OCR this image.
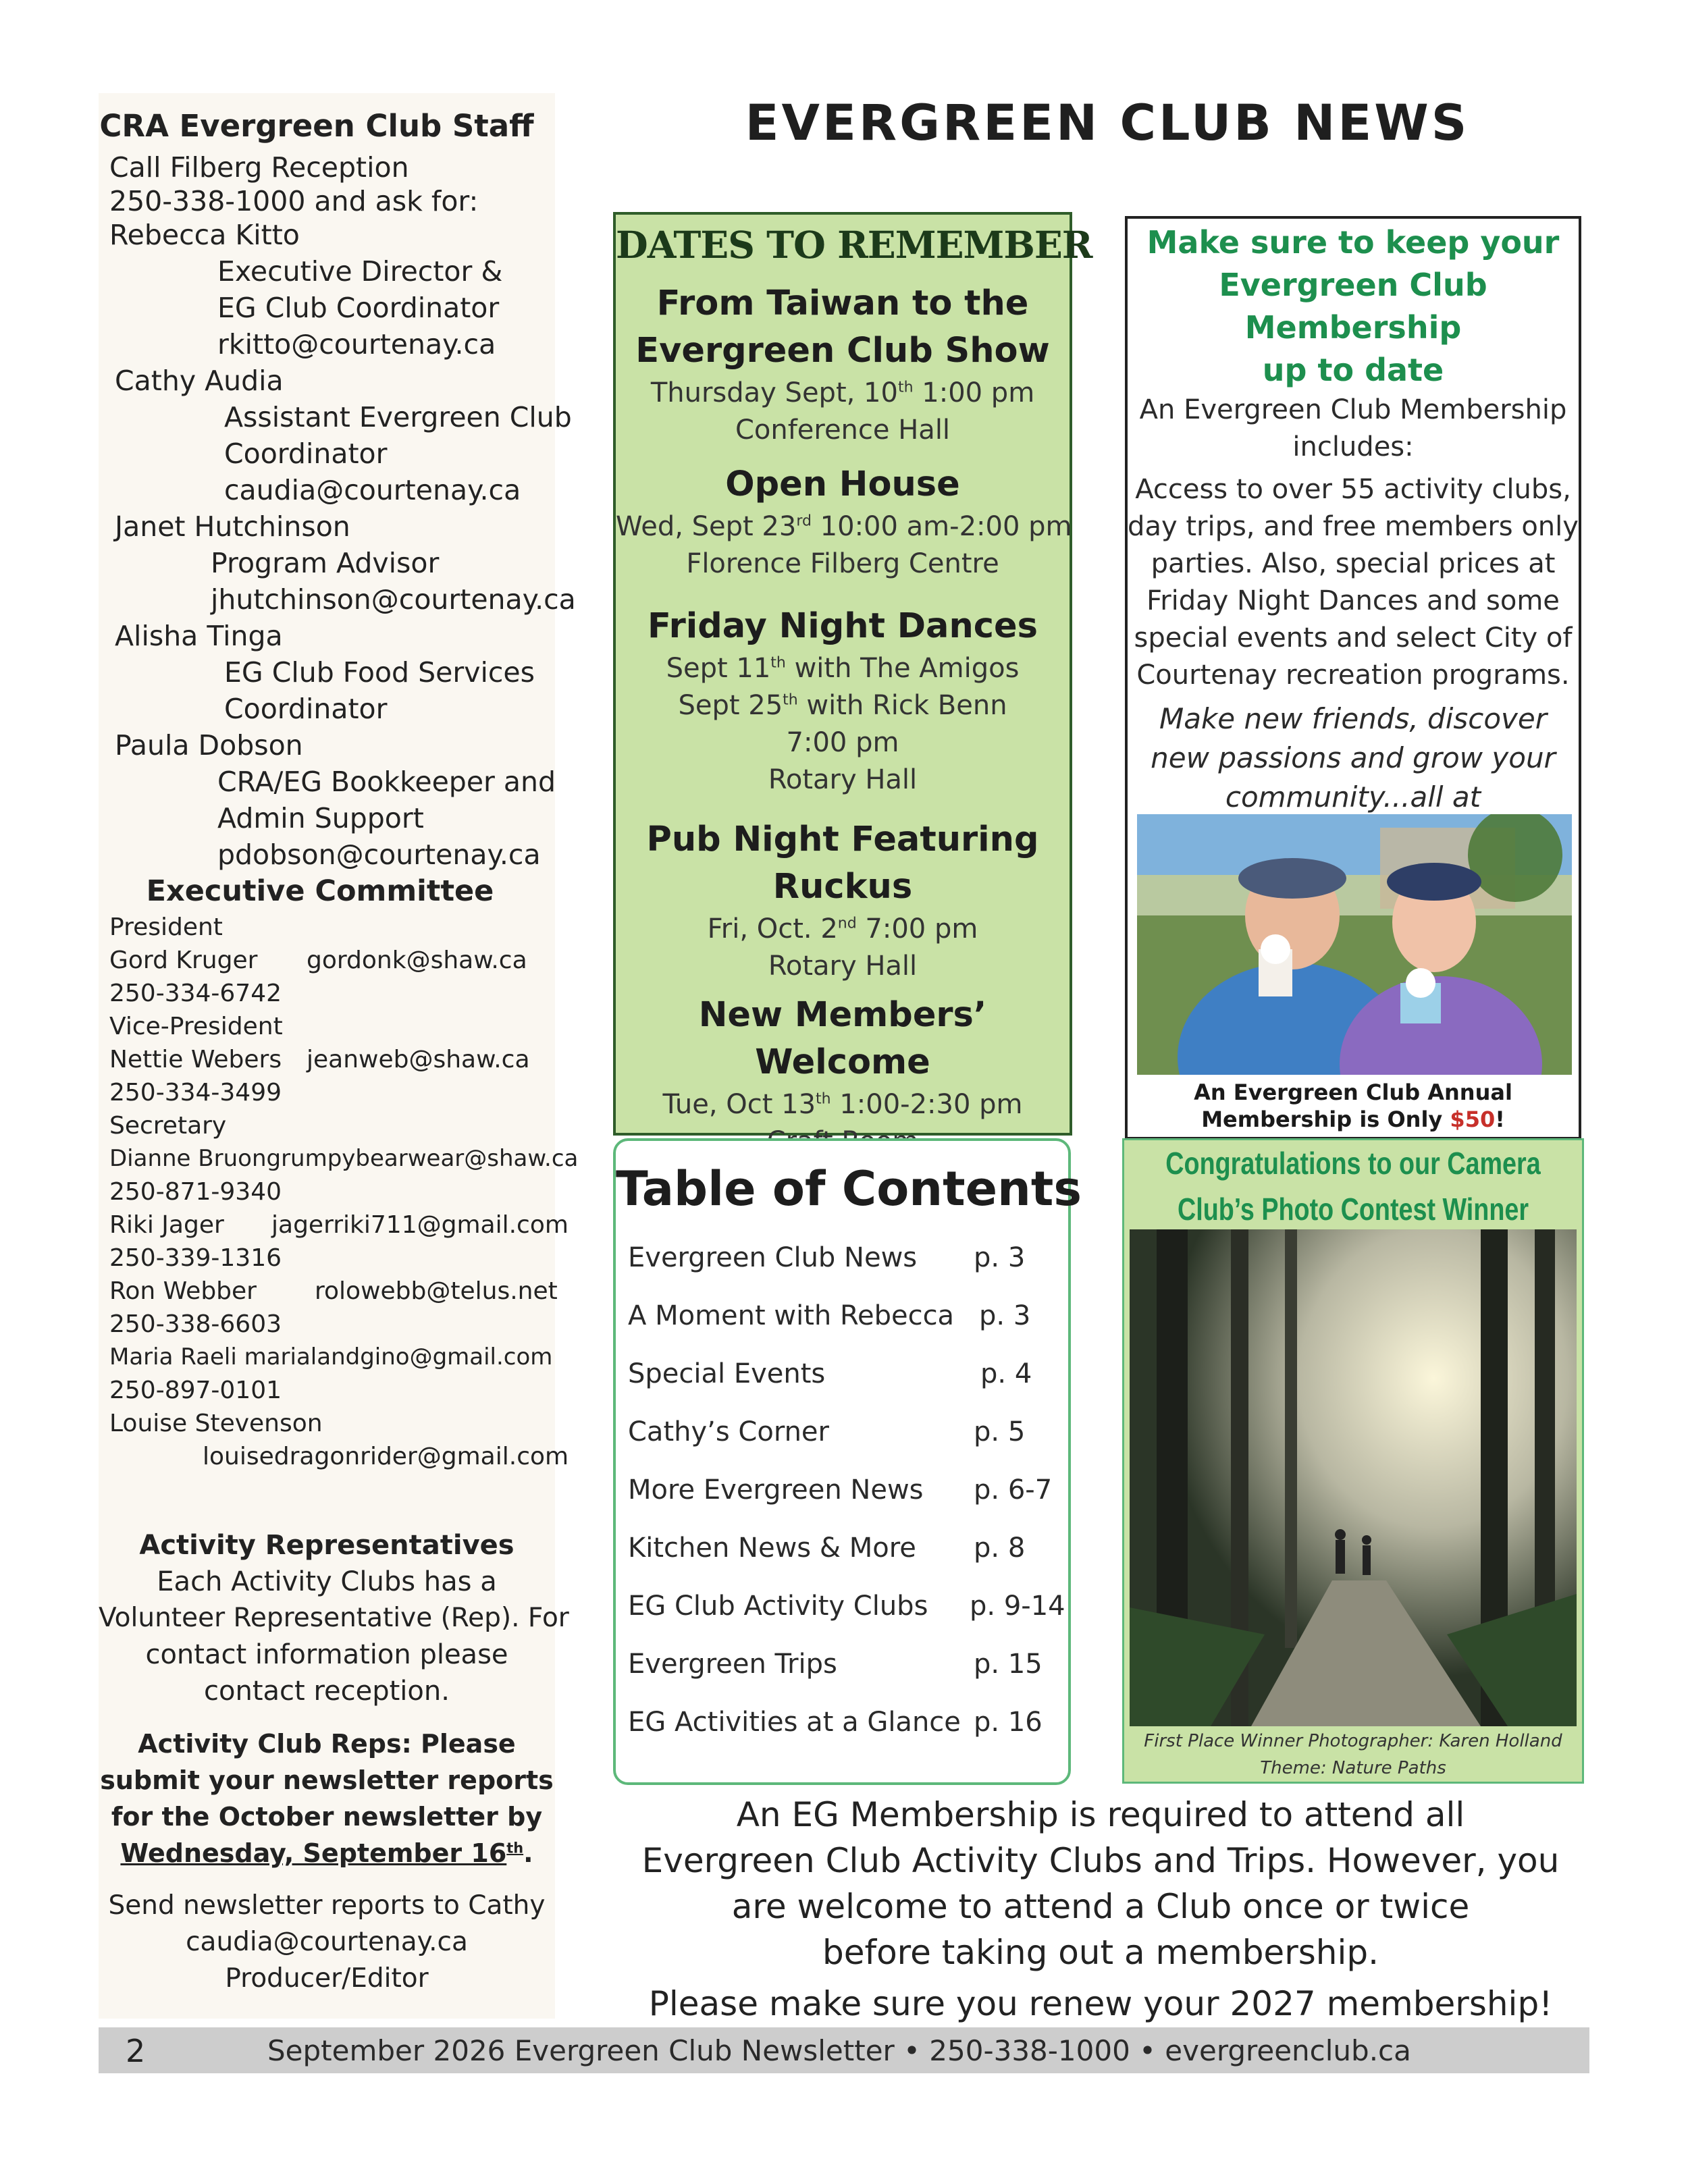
CRA Evergreen Club Staff
Call Filberg Reception
250-338-1000 and ask for:
Rebecca Kitto
Executive Director &
EG Club Coordinator
rkitto@courtenay.ca
Cathy Audia
Assistant Evergreen Club
Coordinator
caudia@courtenay.ca
Janet Hutchinson
Program Advisor
jhutchinson@courtenay.ca
Alisha Tinga
EG Club Food Services
Coordinator
Paula Dobson
CRA/EG Bookkeeper and
Admin Support
pdobson@courtenay.ca
Executive Committee
President
Gord Kruger gordonk@shaw.ca
250-334-6742
Vice-President
Nettie Webers jeanweb@shaw.ca
250-334-3499
Secretary
Dianne Bruongrumpybearwear@shaw.ca
250-871-9340
Riki Jager jagerriki711@gmail.com
250-339-1316
Ron Webber rolowebb@telus.net
250-338-6603
Maria Raeli marialandgino@gmail.com
250-897-0101
Louise Stevenson
louisedragonrider@gmail.com
Activity Representatives
Each Activity Clubs has a
Volunteer Representative (Rep). For
contact information please
contact reception.
Activity Club Reps: Please
submit your newsletter reports
for the October newsletter by
Wednesday, September 16th.
Send newsletter reports to Cathy
caudia@courtenay.ca
Producer/Editor
EVERGREEN CLUB NEWS
DATES TO REMEMBER
From Taiwan to the
Evergreen Club Show
Thursday Sept, 10th 1:00 pm
Conference Hall
Open House
Wed, Sept 23rd 10:00 am-2:00 pm
Florence Filberg Centre
Friday Night Dances
Sept 11th with The Amigos
Sept 25th with Rick Benn
7:00 pm
Rotary Hall
Pub Night Featuring
Ruckus
Fri, Oct. 2nd 7:00 pm
Rotary Hall
New Members’ Welcome
Tue, Oct 13th 1:00-2:30 pm
Make sure to keep your
Evergreen Club Membership
up to date
An Evergreen Club Membership
includes:
Access to over 55 activity clubs,
day trips, and free members only
parties. Also, special prices at
Friday Night Dances and some
special events and select City of
Courtenay recreation programs.
Make new friends, discover
new passions and grow your
community...all at
An Evergreen Club Annual
Membership is Only $50!
Table of Contents
Evergreen Club News p. 3
A Moment with Rebecca p. 3
Special Events	p. 4
Cathy’s Corner	p. 5
More Evergreen News p. 6-7
Kitchen News & More p. 8
EG Club Activity Clubs p. 9-14
Evergreen Trips	p. 15
EG Activities at a Glance p. 16
Congratulations to our Camera
Club’s Photo Contest Winner
First Place Winner Photographer: Karen Holland
Theme: Nature Paths
An EG Membership is required to attend all
Evergreen Club Activity Clubs and Trips. However, you
are welcome to attend a Club once or twice
before taking out a membership.
Please make sure you renew your 2027 membership!
2	September 2026 Evergreen Club Newsletter • 250-338-1000 • evergreenclub.ca
